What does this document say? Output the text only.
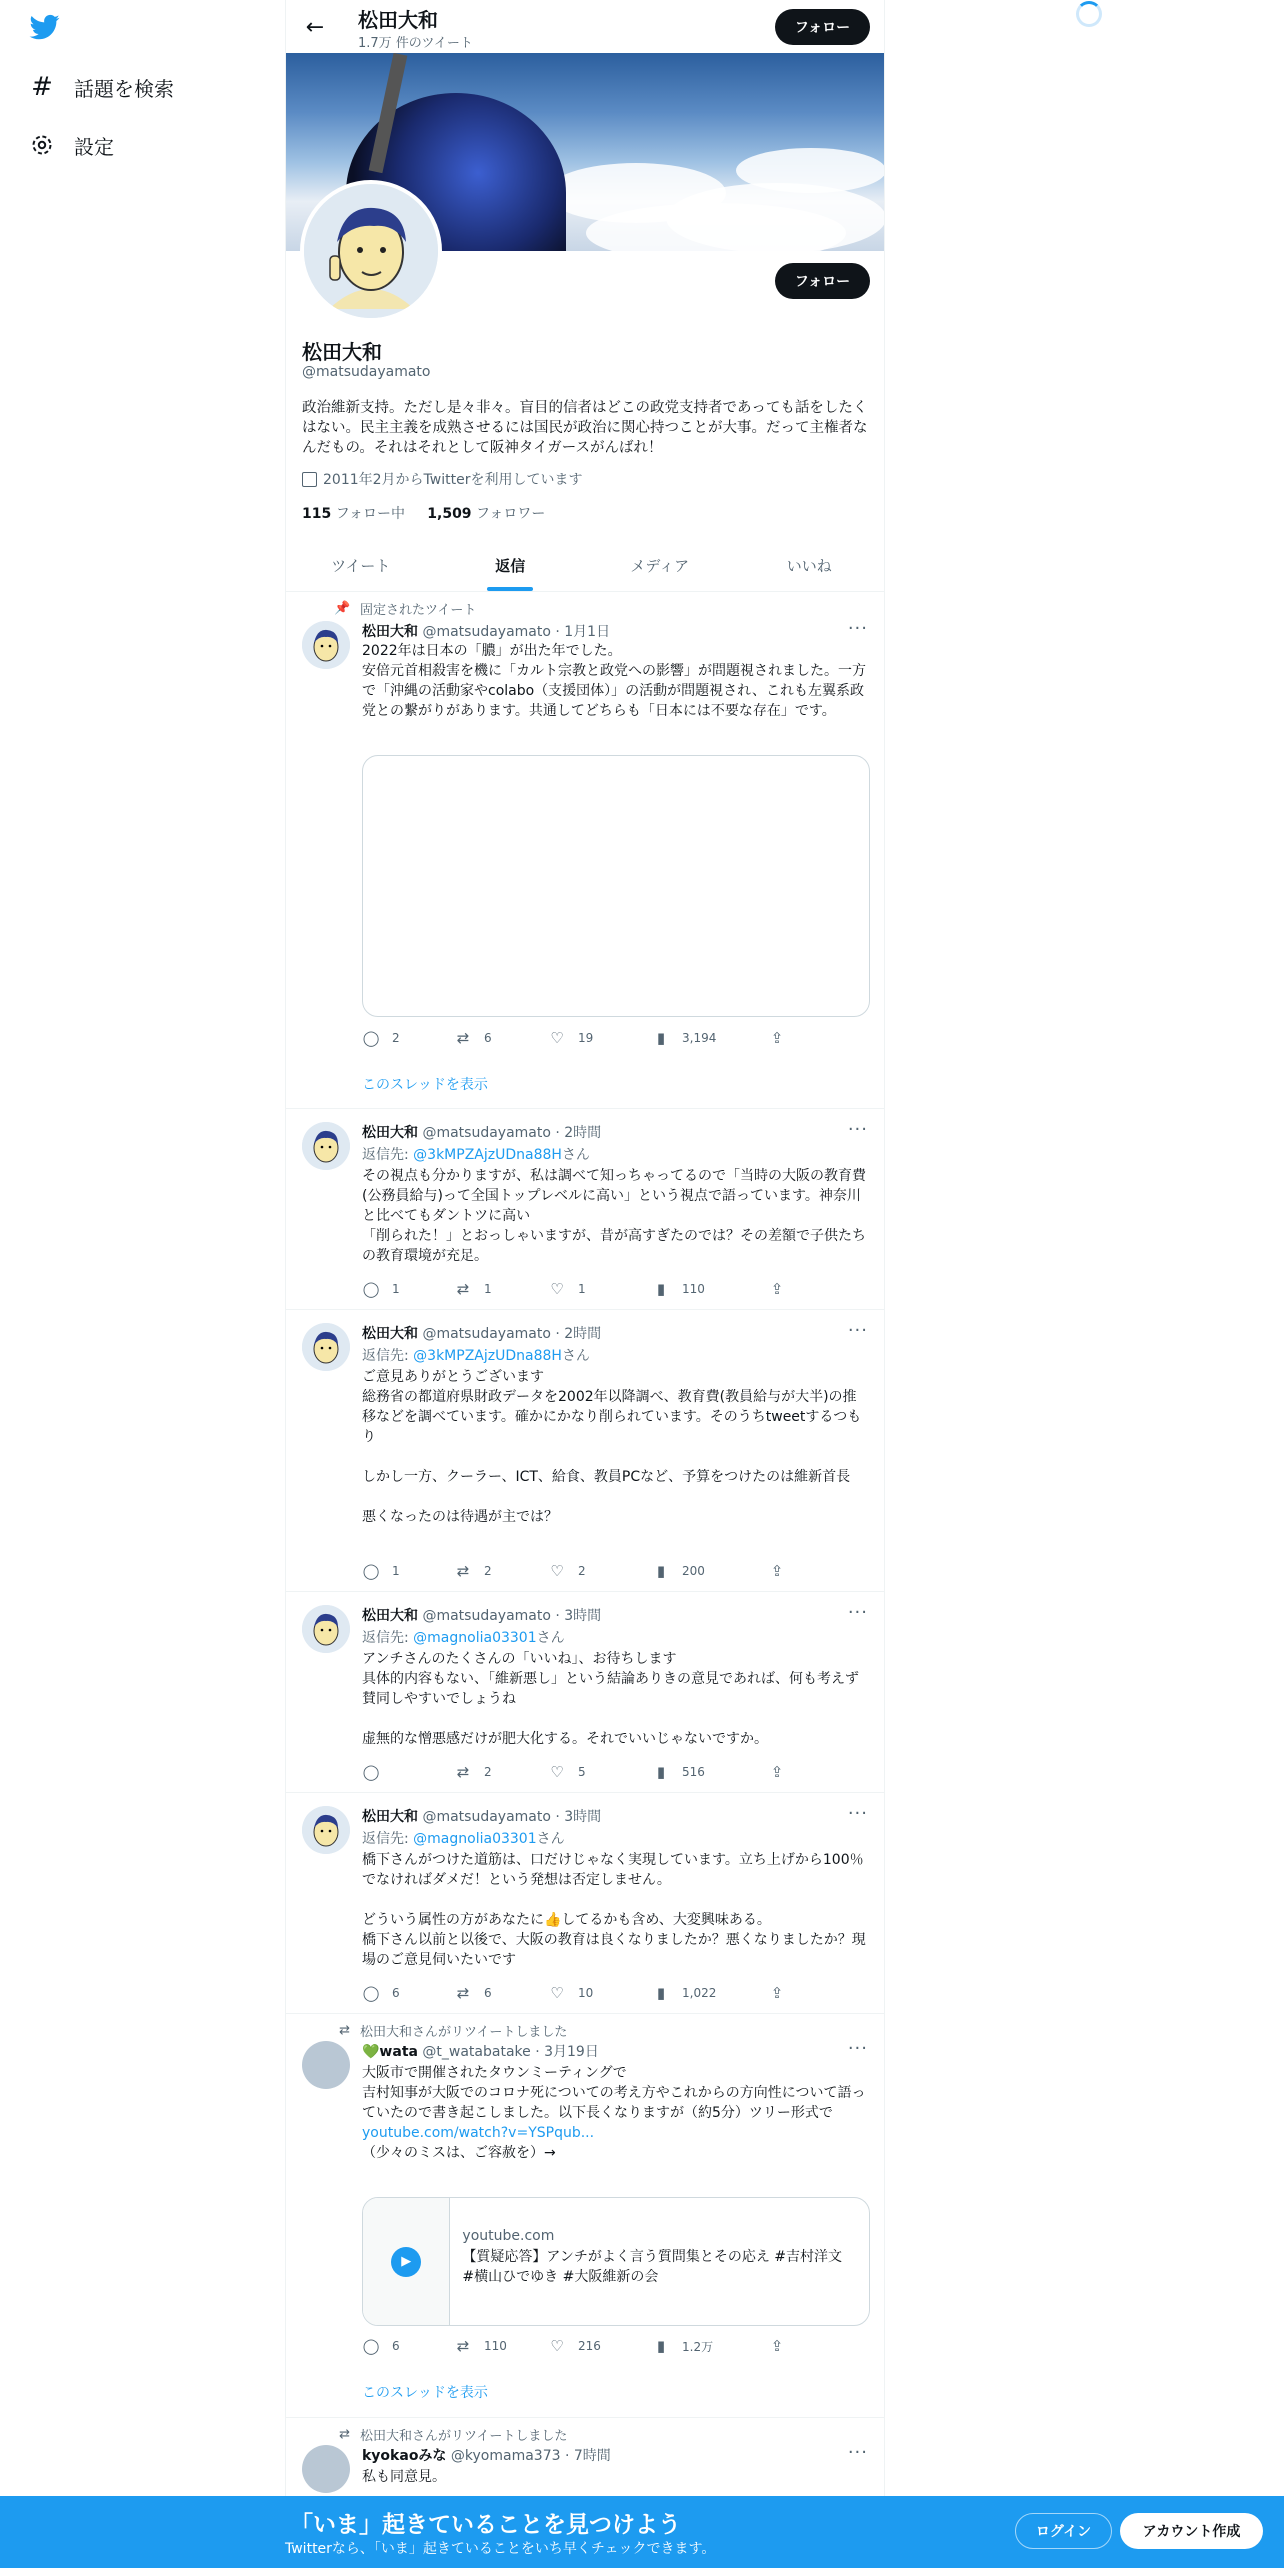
# 話題を検索
設定
← 松田大和
1.7万 件のツイート
フォロー
フォロー
松田大和
@matsudayamato
政治維新支持。ただし是々非々。盲目的信者はどこの政党支持者であっても話をしたくはない。民主主義を成熟させるには国民が政治に関心持つことが大事。だって主権者なんだもの。それはそれとして阪神タイガースがんばれ！
2011年2月からTwitterを利用しています
115 フォロー中 1,509 フォロワー
ツイート	返信	メディア	いいね
📌 固定されたツイート
松田大和 @matsudayamato · 1月1日	···
2022年は日本の「膿」が出た年でした。
安倍元首相殺害を機に「カルト宗教と政党への影響」が問題視されました。一方で「沖縄の活動家やcolabo（支援団体）」の活動が問題視され、これも左翼系政党との繋がりがあります。共通してどちらも「日本には不要な存在」です。
◯ 2	⇄ 6	♡ 19	▮	3,194	⇪
このスレッドを表示
松田大和 @matsudayamato · 2時間	···
返信先: @3kMPZAjzUDna88Hさん
その視点も分かりますが、私は調べて知っちゃってるので「当時の大阪の教育費(公務員給与)って全国トップレベルに高い」という視点で語っています。神奈川と比べてもダントツに高い
「削られた！」とおっしゃいますが、昔が高すぎたのでは？その差額で子供たちの教育環境が充足。
◯ 1	⇄ 1	♡ 1	▮	110	⇪
松田大和 @matsudayamato · 2時間	···
返信先: @3kMPZAjzUDna88Hさん
ご意見ありがとうございます
総務省の都道府県財政データを2002年以降調べ、教育費(教員給与が大半)の推移などを調べています。確かにかなり削られています。そのうちtweetするつもり

しかし一方、クーラー、ICT、給食、教員PCなど、予算をつけたのは維新首長

悪くなったのは待遇が主では？
◯ 1	⇄ 2	♡ 2	▮	200	⇪
松田大和 @matsudayamato · 3時間	···
返信先: @magnolia03301さん
アンチさんのたくさんの「いいね」、お待ちします
具体的内容もない、「維新悪し」という結論ありきの意見であれば、何も考えず賛同しやすいでしょうね

虚無的な憎悪感だけが肥大化する。それでいいじゃないですか。
◯	⇄ 2	♡ 5	▮	516	⇪
松田大和 @matsudayamato · 3時間	···
返信先: @magnolia03301さん
橋下さんがつけた道筋は、口だけじゃなく実現しています。立ち上げから100％でなければダメだ！という発想は否定しません。

どういう属性の方があなたに👍してるかも含め、大変興味ある。
橋下さん以前と以後で、大阪の教育は良くなりましたか？悪くなりましたか？現場のご意見伺いたいです
◯ 6	⇄ 6	♡ 10	▮	1,022	⇪
⇄ 松田大和さんがリツイートしました
💚wata @t_watabatake · 3月19日	···
大阪市で開催されたタウンミーティングで
吉村知事が大阪でのコロナ死についての考え方やこれからの方向性について語っていたので書き起こしました。以下長くなりますが（約5分）ツリー形式で
youtube.com/watch?v=YSPqub...
（少々のミスは、ご容赦を）→
▶
youtube.com
【質疑応答】アンチがよく言う質問集とその応え #吉村洋文 #横山ひでゆき #大阪維新の会
◯ 6	⇄ 110	♡ 216	▮	1.2万	⇪
このスレッドを表示
⇄ 松田大和さんがリツイートしました
kyokaoみな @kyomama373 · 7時間	···
私も同意見。
「いま」起きていることを見つけよう
Twitterなら、「いま」起きていることをいち早くチェックできます。
ログイン	アカウント作成
